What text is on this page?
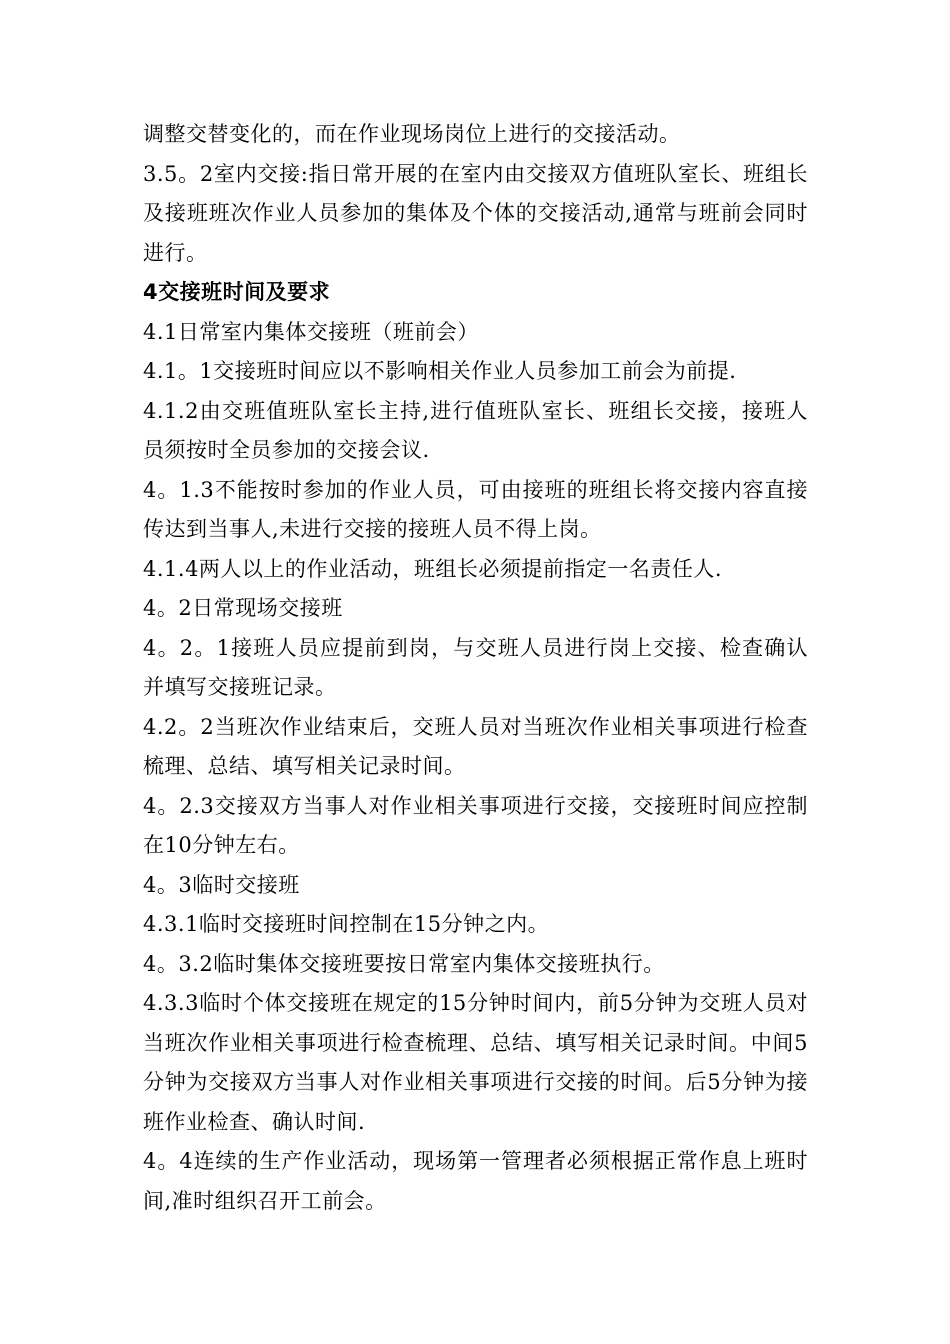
调整交替变化的，而在作业现场岗位上进行的交接活动。

3.5。2室内交接:指日常开展的在室内由交接双方值班队室长、班组长及接班班次作业人员参加的集体及个体的交接活动,通常与班前会同时进行。

4交接班时间及要求

4.1日常室内集体交接班（班前会）

4.1。1交接班时间应以不影响相关作业人员参加工前会为前提.

4.1.2由交班值班队室长主持,进行值班队室长、班组长交接，接班人员须按时全员参加的交接会议.

4。1.3不能按时参加的作业人员，可由接班的班组长将交接内容直接传达到当事人,未进行交接的接班人员不得上岗。

4.1.4两人以上的作业活动，班组长必须提前指定一名责任人.

4。2日常现场交接班

4。2。1接班人员应提前到岗，与交班人员进行岗上交接、检查确认并填写交接班记录。

4.2。2当班次作业结束后，交班人员对当班次作业相关事项进行检查梳理、总结、填写相关记录时间。

4。2.3交接双方当事人对作业相关事项进行交接，交接班时间应控制在10分钟左右。

4。3临时交接班

4.3.1临时交接班时间控制在15分钟之内。

4。3.2临时集体交接班要按日常室内集体交接班执行。

4.3.3临时个体交接班在规定的15分钟时间内，前5分钟为交班人员对当班次作业相关事项进行检查梳理、总结、填写相关记录时间。中间5分钟为交接双方当事人对作业相关事项进行交接的时间。后5分钟为接班作业检查、确认时间.

4。4连续的生产作业活动，现场第一管理者必须根据正常作息上班时间,准时组织召开工前会。
